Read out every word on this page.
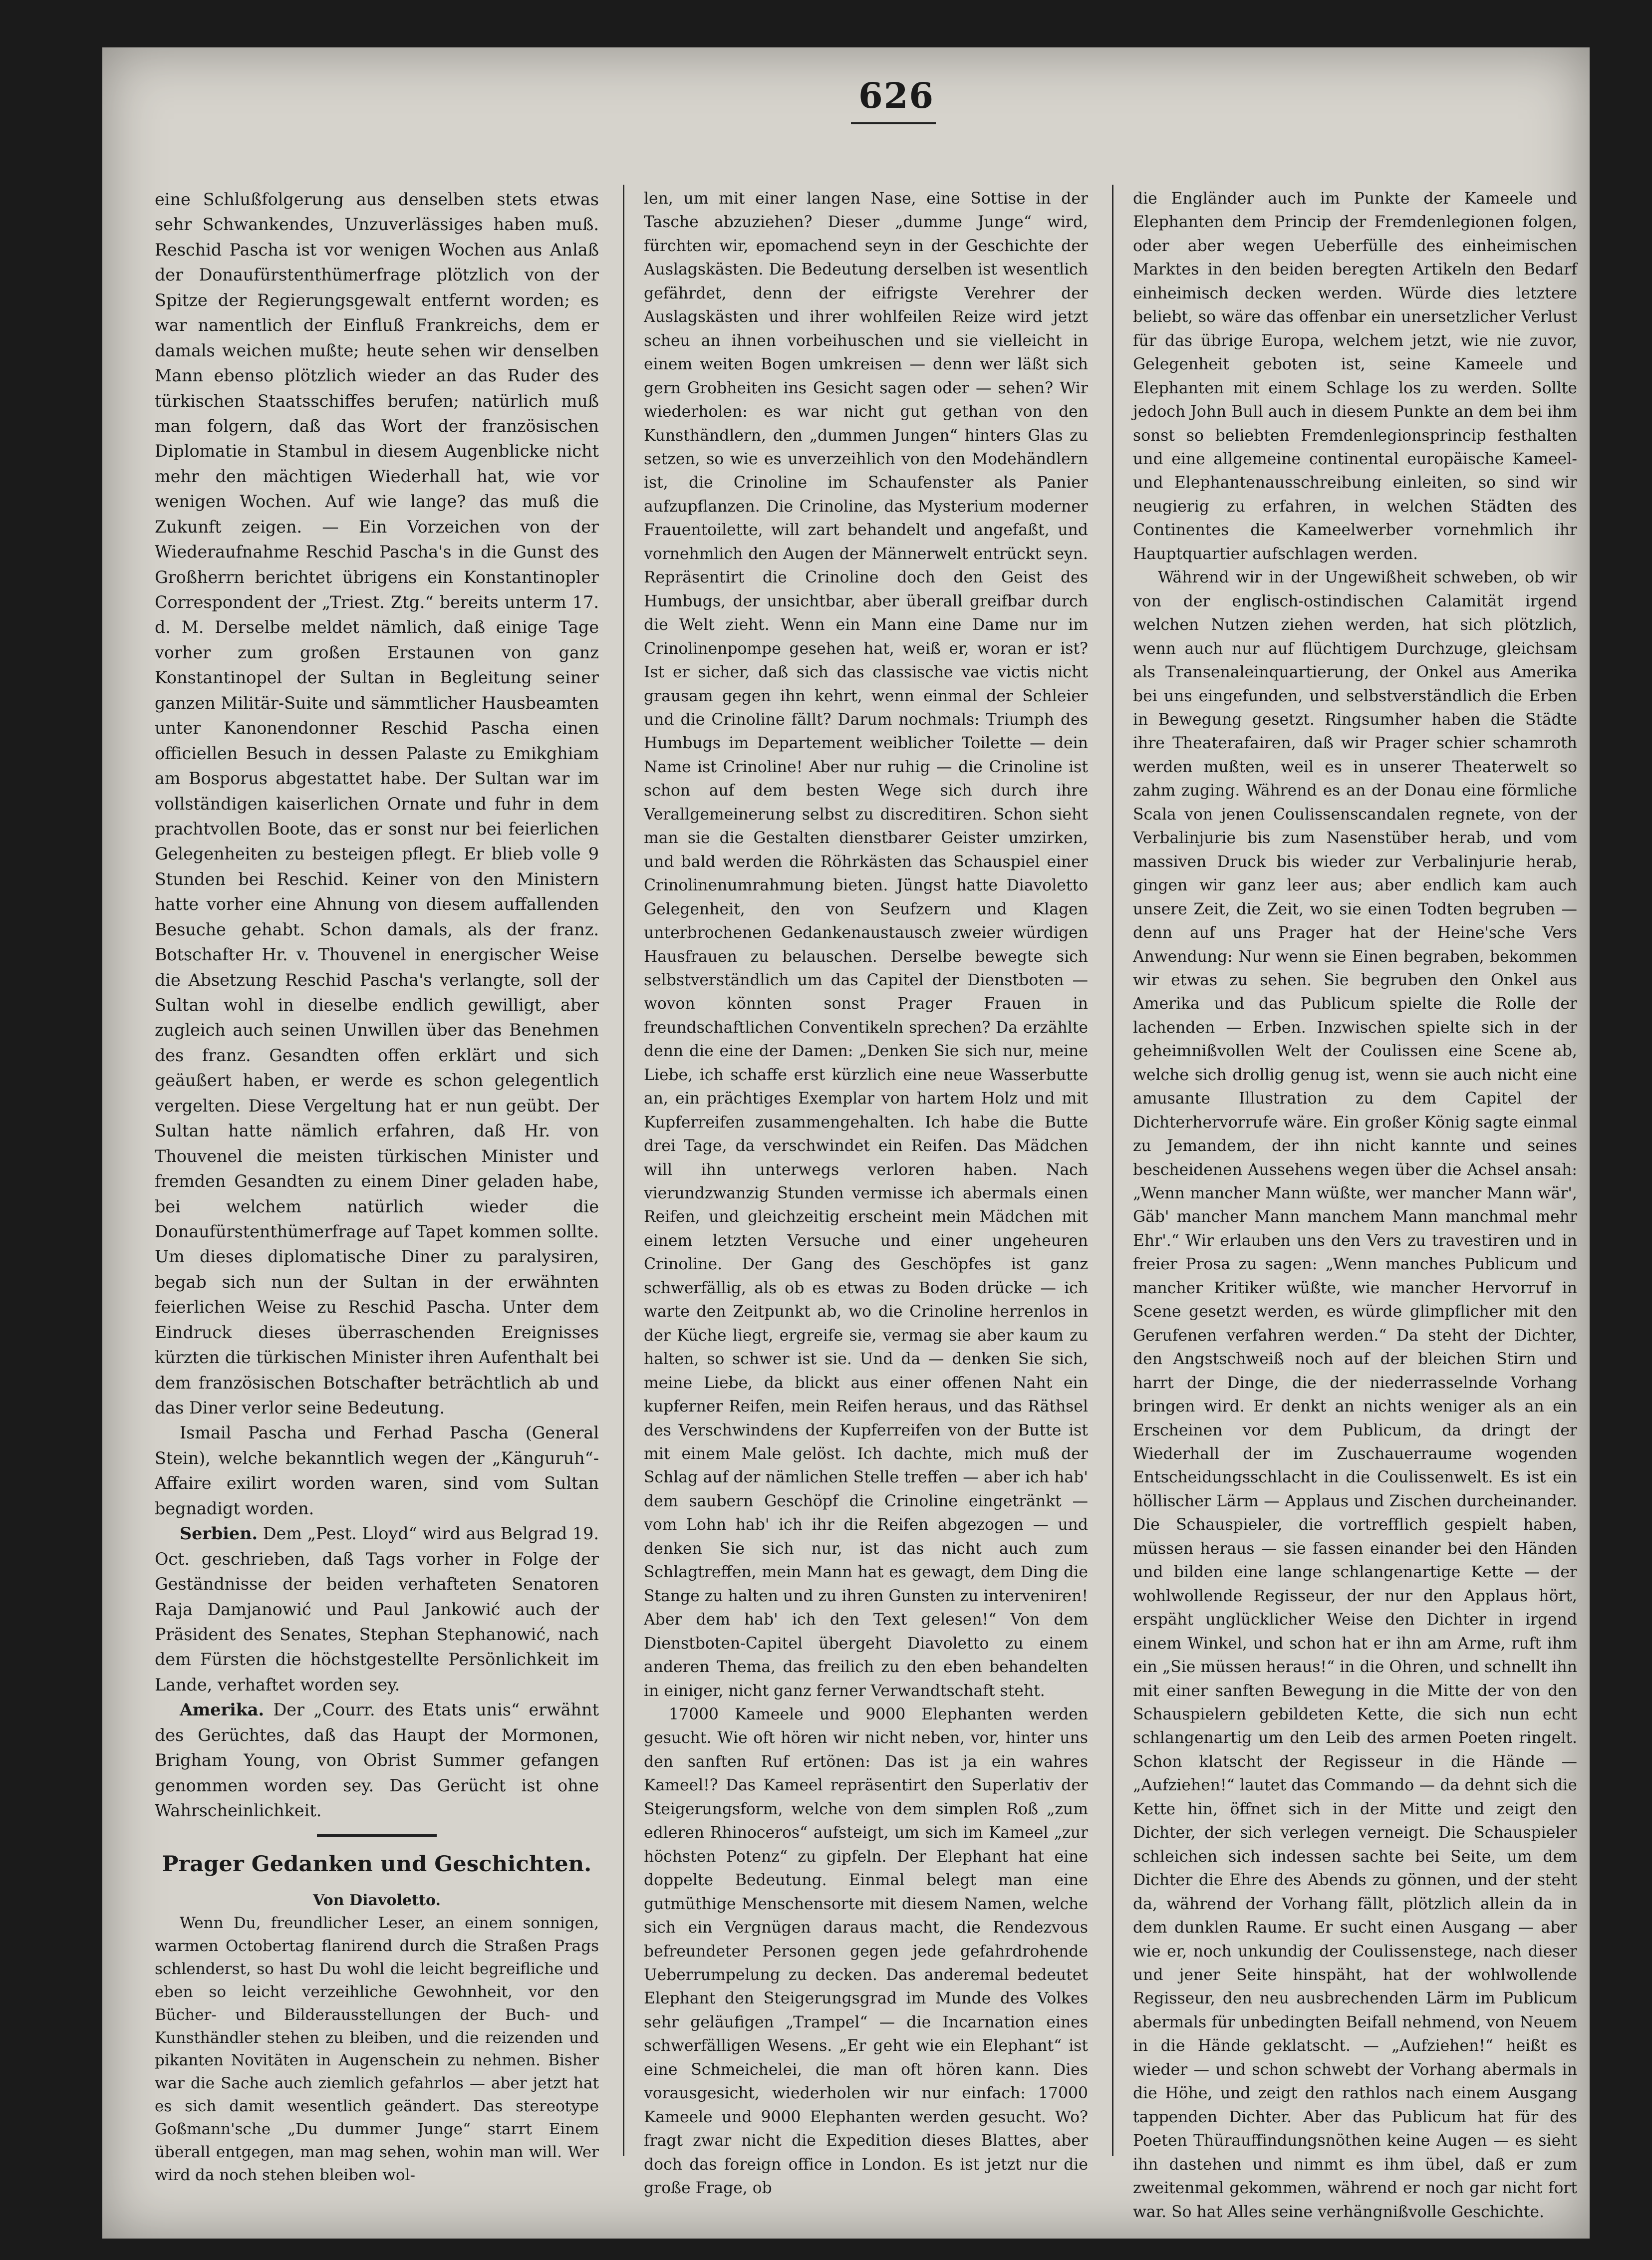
626

eine Schlußfolgerung aus denselben stets etwas sehr Schwankendes, Unzuverlässiges haben muß. Reschid Pascha ist vor wenigen Wochen aus Anlaß der Donaufürstenthümerfrage plötzlich von der Spitze der Regierungsgewalt entfernt worden; es war namentlich der Einfluß Frankreichs, dem er damals weichen mußte; heute sehen wir denselben Mann ebenso plötzlich wieder an das Ruder des türkischen Staatsschiffes berufen; natürlich muß man folgern, daß das Wort der französischen Diplomatie in Stambul in diesem Augenblicke nicht mehr den mächtigen Wiederhall hat, wie vor wenigen Wochen. Auf wie lange? das muß die Zukunft zeigen. — Ein Vorzeichen von der Wiederaufnahme Reschid Pascha's in die Gunst des Großherrn berichtet übrigens ein Konstantinopler Correspondent der „Triest. Ztg.“ bereits unterm 17. d. M. Derselbe meldet nämlich, daß einige Tage vorher zum großen Erstaunen von ganz Konstantinopel der Sultan in Begleitung seiner ganzen Militär-Suite und sämmtlicher Hausbeamten unter Kanonendonner Reschid Pascha einen officiellen Besuch in dessen Palaste zu Emikghiam am Bosporus abgestattet habe. Der Sultan war im vollständigen kaiserlichen Ornate und fuhr in dem prachtvollen Boote, das er sonst nur bei feierlichen Gelegenheiten zu besteigen pflegt. Er blieb volle 9 Stunden bei Reschid. Keiner von den Ministern hatte vorher eine Ahnung von diesem auffallenden Besuche gehabt. Schon damals, als der franz. Botschafter Hr. v. Thouvenel in energischer Weise die Absetzung Reschid Pascha's verlangte, soll der Sultan wohl in dieselbe endlich gewilligt, aber zugleich auch seinen Unwillen über das Benehmen des franz. Gesandten offen erklärt und sich geäußert haben, er werde es schon gelegentlich vergelten. Diese Vergeltung hat er nun geübt. Der Sultan hatte nämlich erfahren, daß Hr. von Thouvenel die meisten türkischen Minister und fremden Gesandten zu einem Diner geladen habe, bei welchem natürlich wieder die Donaufürstenthümerfrage auf Tapet kommen sollte. Um dieses diplomatische Diner zu paralysiren, begab sich nun der Sultan in der erwähnten feierlichen Weise zu Reschid Pascha. Unter dem Eindruck dieses überraschenden Ereignisses kürzten die türkischen Minister ihren Aufenthalt bei dem französischen Botschafter beträchtlich ab und das Diner verlor seine Bedeutung.

Ismail Pascha und Ferhad Pascha (General Stein), welche bekanntlich wegen der „Känguruh“-Affaire exilirt worden waren, sind vom Sultan begnadigt worden.

Serbien. Dem „Pest. Lloyd“ wird aus Belgrad 19. Oct. geschrieben, daß Tags vorher in Folge der Geständnisse der beiden verhafteten Senatoren Raja Damjanowić und Paul Jankowić auch der Präsident des Senates, Stephan Stephanowić, nach dem Fürsten die höchstgestellte Persönlichkeit im Lande, verhaftet worden sey.

Amerika. Der „Courr. des Etats unis“ erwähnt des Gerüchtes, daß das Haupt der Mormonen, Brigham Young, von Obrist Summer gefangen genommen worden sey. Das Gerücht ist ohne Wahrscheinlichkeit.

Prager Gedanken und Geschichten.

Von Diavoletto.

Wenn Du, freundlicher Leser, an einem sonnigen, warmen Octobertag flanirend durch die Straßen Prags schlenderst, so hast Du wohl die leicht begreifliche und eben so leicht verzeihliche Gewohnheit, vor den Bücher- und Bilderausstellungen der Buch- und Kunsthändler stehen zu bleiben, und die reizenden und pikanten Novitäten in Augenschein zu nehmen. Bisher war die Sache auch ziemlich gefahrlos — aber jetzt hat es sich damit wesentlich geändert. Das stereotype Goßmann'sche „Du dummer Junge“ starrt Einem überall entgegen, man mag sehen, wohin man will. Wer wird da noch stehen bleiben wol-

len, um mit einer langen Nase, eine Sottise in der Tasche abzuziehen? Dieser „dumme Junge“ wird, fürchten wir, epomachend seyn in der Geschichte der Auslagskästen. Die Bedeutung derselben ist wesentlich gefährdet, denn der eifrigste Verehrer der Auslagskästen und ihrer wohlfeilen Reize wird jetzt scheu an ihnen vorbeihuschen und sie vielleicht in einem weiten Bogen umkreisen — denn wer läßt sich gern Grobheiten ins Gesicht sagen oder — sehen? Wir wiederholen: es war nicht gut gethan von den Kunsthändlern, den „dummen Jungen“ hinters Glas zu setzen, so wie es unverzeihlich von den Modehändlern ist, die Crinoline im Schaufenster als Panier aufzupflanzen. Die Crinoline, das Mysterium moderner Frauentoilette, will zart behandelt und angefaßt, und vornehmlich den Augen der Männerwelt entrückt seyn. Repräsentirt die Crinoline doch den Geist des Humbugs, der unsichtbar, aber überall greifbar durch die Welt zieht. Wenn ein Mann eine Dame nur im Crinolinenpompe gesehen hat, weiß er, woran er ist? Ist er sicher, daß sich das classische vae victis nicht grausam gegen ihn kehrt, wenn einmal der Schleier und die Crinoline fällt? Darum nochmals: Triumph des Humbugs im Departement weiblicher Toilette — dein Name ist Crinoline! Aber nur ruhig — die Crinoline ist schon auf dem besten Wege sich durch ihre Verallgemeinerung selbst zu discreditiren. Schon sieht man sie die Gestalten dienstbarer Geister umzirken, und bald werden die Röhrkästen das Schauspiel einer Crinolinenumrahmung bieten. Jüngst hatte Diavoletto Gelegenheit, den von Seufzern und Klagen unterbrochenen Gedankenaustausch zweier würdigen Hausfrauen zu belauschen. Derselbe bewegte sich selbstverständlich um das Capitel der Dienstboten — wovon könnten sonst Prager Frauen in freundschaftlichen Conventikeln sprechen? Da erzählte denn die eine der Damen: „Denken Sie sich nur, meine Liebe, ich schaffe erst kürzlich eine neue Wasserbutte an, ein prächtiges Exemplar von hartem Holz und mit Kupferreifen zusammengehalten. Ich habe die Butte drei Tage, da verschwindet ein Reifen. Das Mädchen will ihn unterwegs verloren haben. Nach vierundzwanzig Stunden vermisse ich abermals einen Reifen, und gleichzeitig erscheint mein Mädchen mit einem letzten Versuche und einer ungeheuren Crinoline. Der Gang des Geschöpfes ist ganz schwerfällig, als ob es etwas zu Boden drücke — ich warte den Zeitpunkt ab, wo die Crinoline herrenlos in der Küche liegt, ergreife sie, vermag sie aber kaum zu halten, so schwer ist sie. Und da — denken Sie sich, meine Liebe, da blickt aus einer offenen Naht ein kupferner Reifen, mein Reifen heraus, und das Räthsel des Verschwindens der Kupferreifen von der Butte ist mit einem Male gelöst. Ich dachte, mich muß der Schlag auf der nämlichen Stelle treffen — aber ich hab' dem saubern Geschöpf die Crinoline eingetränkt — vom Lohn hab' ich ihr die Reifen abgezogen — und denken Sie sich nur, ist das nicht auch zum Schlagtreffen, mein Mann hat es gewagt, dem Ding die Stange zu halten und zu ihren Gunsten zu interveniren! Aber dem hab' ich den Text gelesen!“ Von dem Dienstboten-Capitel übergeht Diavoletto zu einem anderen Thema, das freilich zu den eben behandelten in einiger, nicht ganz ferner Verwandtschaft steht.

17000 Kameele und 9000 Elephanten werden gesucht. Wie oft hören wir nicht neben, vor, hinter uns den sanften Ruf ertönen: Das ist ja ein wahres Kameel!? Das Kameel repräsentirt den Superlativ der Steigerungsform, welche von dem simplen Roß „zum edleren Rhinoceros“ aufsteigt, um sich im Kameel „zur höchsten Potenz“ zu gipfeln. Der Elephant hat eine doppelte Bedeutung. Einmal belegt man eine gutmüthige Menschensorte mit diesem Namen, welche sich ein Vergnügen daraus macht, die Rendezvous befreundeter Personen gegen jede gefahrdrohende Ueberrumpelung zu decken. Das anderemal bedeutet Elephant den Steigerungsgrad im Munde des Volkes sehr geläufigen „Trampel“ — die Incarnation eines schwerfälligen Wesens. „Er geht wie ein Elephant“ ist eine Schmeichelei, die man oft hören kann. Dies vorausgesicht, wiederholen wir nur einfach: 17000 Kameele und 9000 Elephanten werden gesucht. Wo? fragt zwar nicht die Expedition dieses Blattes, aber doch das foreign office in London. Es ist jetzt nur die große Frage, ob

die Engländer auch im Punkte der Kameele und Elephanten dem Princip der Fremdenlegionen folgen, oder aber wegen Ueberfülle des einheimischen Marktes in den beiden beregten Artikeln den Bedarf einheimisch decken werden. Würde dies letztere beliebt, so wäre das offenbar ein unersetzlicher Verlust für das übrige Europa, welchem jetzt, wie nie zuvor, Gelegenheit geboten ist, seine Kameele und Elephanten mit einem Schlage los zu werden. Sollte jedoch John Bull auch in diesem Punkte an dem bei ihm sonst so beliebten Fremdenlegionsprincip festhalten und eine allgemeine continental europäische Kameel- und Elephantenausschreibung einleiten, so sind wir neugierig zu erfahren, in welchen Städten des Continentes die Kameelwerber vornehmlich ihr Hauptquartier aufschlagen werden.

Während wir in der Ungewißheit schweben, ob wir von der englisch-ostindischen Calamität irgend welchen Nutzen ziehen werden, hat sich plötzlich, wenn auch nur auf flüchtigem Durchzuge, gleichsam als Transenaleinquartierung, der Onkel aus Amerika bei uns eingefunden, und selbstverständlich die Erben in Bewegung gesetzt. Ringsumher haben die Städte ihre Theaterafairen, daß wir Prager schier schamroth werden mußten, weil es in unserer Theaterwelt so zahm zuging. Während es an der Donau eine förmliche Scala von jenen Coulissenscandalen regnete, von der Verbalinjurie bis zum Nasenstüber herab, und vom massiven Druck bis wieder zur Verbalinjurie herab, gingen wir ganz leer aus; aber endlich kam auch unsere Zeit, die Zeit, wo sie einen Todten begruben — denn auf uns Prager hat der Heine'sche Vers Anwendung: Nur wenn sie Einen begraben, bekommen wir etwas zu sehen. Sie begruben den Onkel aus Amerika und das Publicum spielte die Rolle der lachenden — Erben. Inzwischen spielte sich in der geheimnißvollen Welt der Coulissen eine Scene ab, welche sich drollig genug ist, wenn sie auch nicht eine amusante Illustration zu dem Capitel der Dichterhervorrufe wäre. Ein großer König sagte einmal zu Jemandem, der ihn nicht kannte und seines bescheidenen Aussehens wegen über die Achsel ansah: „Wenn mancher Mann wüßte, wer mancher Mann wär', Gäb' mancher Mann manchem Mann manchmal mehr Ehr'.“ Wir erlauben uns den Vers zu travestiren und in freier Prosa zu sagen: „Wenn manches Publicum und mancher Kritiker wüßte, wie mancher Hervorruf in Scene gesetzt werden, es würde glimpflicher mit den Gerufenen verfahren werden.“ Da steht der Dichter, den Angstschweiß noch auf der bleichen Stirn und harrt der Dinge, die der niederrasselnde Vorhang bringen wird. Er denkt an nichts weniger als an ein Erscheinen vor dem Publicum, da dringt der Wiederhall der im Zuschauerraume wogenden Entscheidungsschlacht in die Coulissenwelt. Es ist ein höllischer Lärm — Applaus und Zischen durcheinander. Die Schauspieler, die vortrefflich gespielt haben, müssen heraus — sie fassen einander bei den Händen und bilden eine lange schlangenartige Kette — der wohlwollende Regisseur, der nur den Applaus hört, erspäht unglücklicher Weise den Dichter in irgend einem Winkel, und schon hat er ihn am Arme, ruft ihm ein „Sie müssen heraus!“ in die Ohren, und schnellt ihn mit einer sanften Bewegung in die Mitte der von den Schauspielern gebildeten Kette, die sich nun echt schlangenartig um den Leib des armen Poeten ringelt. Schon klatscht der Regisseur in die Hände — „Aufziehen!“ lautet das Commando — da dehnt sich die Kette hin, öffnet sich in der Mitte und zeigt den Dichter, der sich verlegen verneigt. Die Schauspieler schleichen sich indessen sachte bei Seite, um dem Dichter die Ehre des Abends zu gönnen, und der steht da, während der Vorhang fällt, plötzlich allein da in dem dunklen Raume. Er sucht einen Ausgang — aber wie er, noch unkundig der Coulissenstege, nach dieser und jener Seite hinspäht, hat der wohlwollende Regisseur, den neu ausbrechenden Lärm im Publicum abermals für unbedingten Beifall nehmend, von Neuem in die Hände geklatscht. — „Aufziehen!“ heißt es wieder — und schon schwebt der Vorhang abermals in die Höhe, und zeigt den rathlos nach einem Ausgang tappenden Dichter. Aber das Publicum hat für des Poeten Thürauffindungsnöthen keine Augen — es sieht ihn dastehen und nimmt es ihm übel, daß er zum zweitenmal gekommen, während er noch gar nicht fort war. So hat Alles seine verhängnißvolle Geschichte.
